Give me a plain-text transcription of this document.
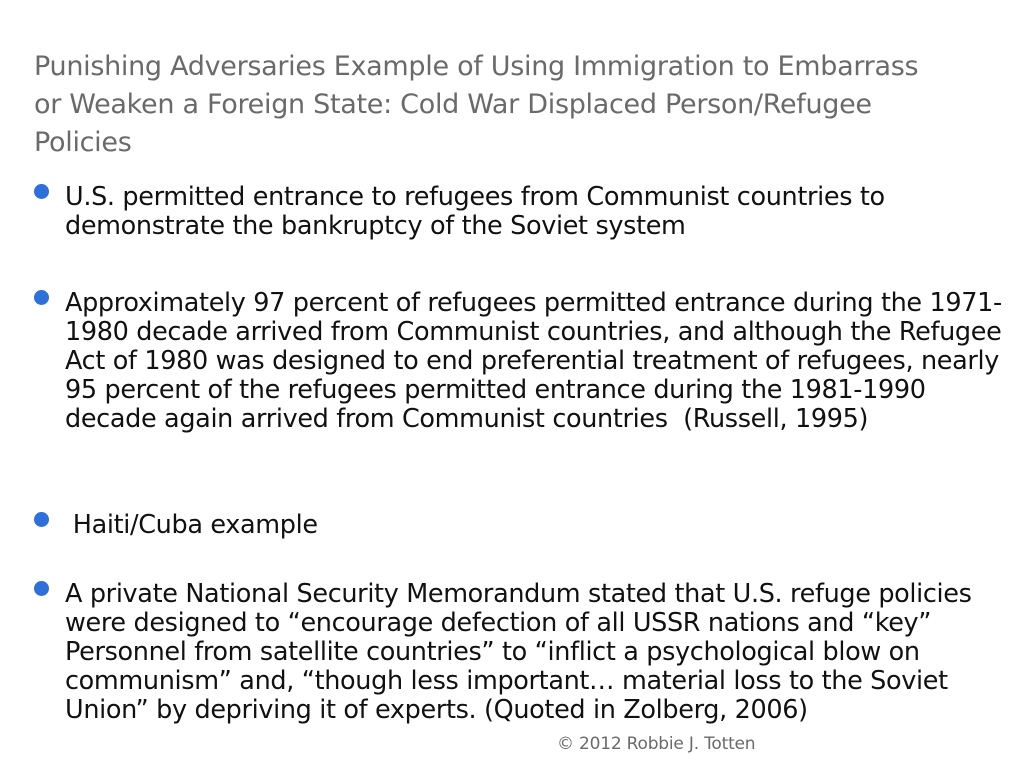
Punishing Adversaries Example of Using Immigration to Embarrass or Weaken a Foreign State: Cold War Displaced Person/Refugee Policies
U.S. permitted entrance to refugees from Communist countries to demonstrate the bankruptcy of the Soviet system
Approximately 97 percent of refugees permitted entrance during the 1971-1980 decade arrived from Communist countries, and although the Refugee Act of 1980 was designed to end preferential treatment of refugees, nearly 95 percent of the refugees permitted entrance during the 1981-1990 decade again arrived from Communist countries  (Russell, 1995)
Haiti/Cuba example
A private National Security Memorandum stated that U.S. refuge policies were designed to “encourage defection of all USSR nations and “key” Personnel from satellite countries” to “inflict a psychological blow on communism” and, “though less important… material loss to the Soviet Union” by depriving it of experts. (Quoted in Zolberg, 2006)
© 2012 Robbie J. Totten
